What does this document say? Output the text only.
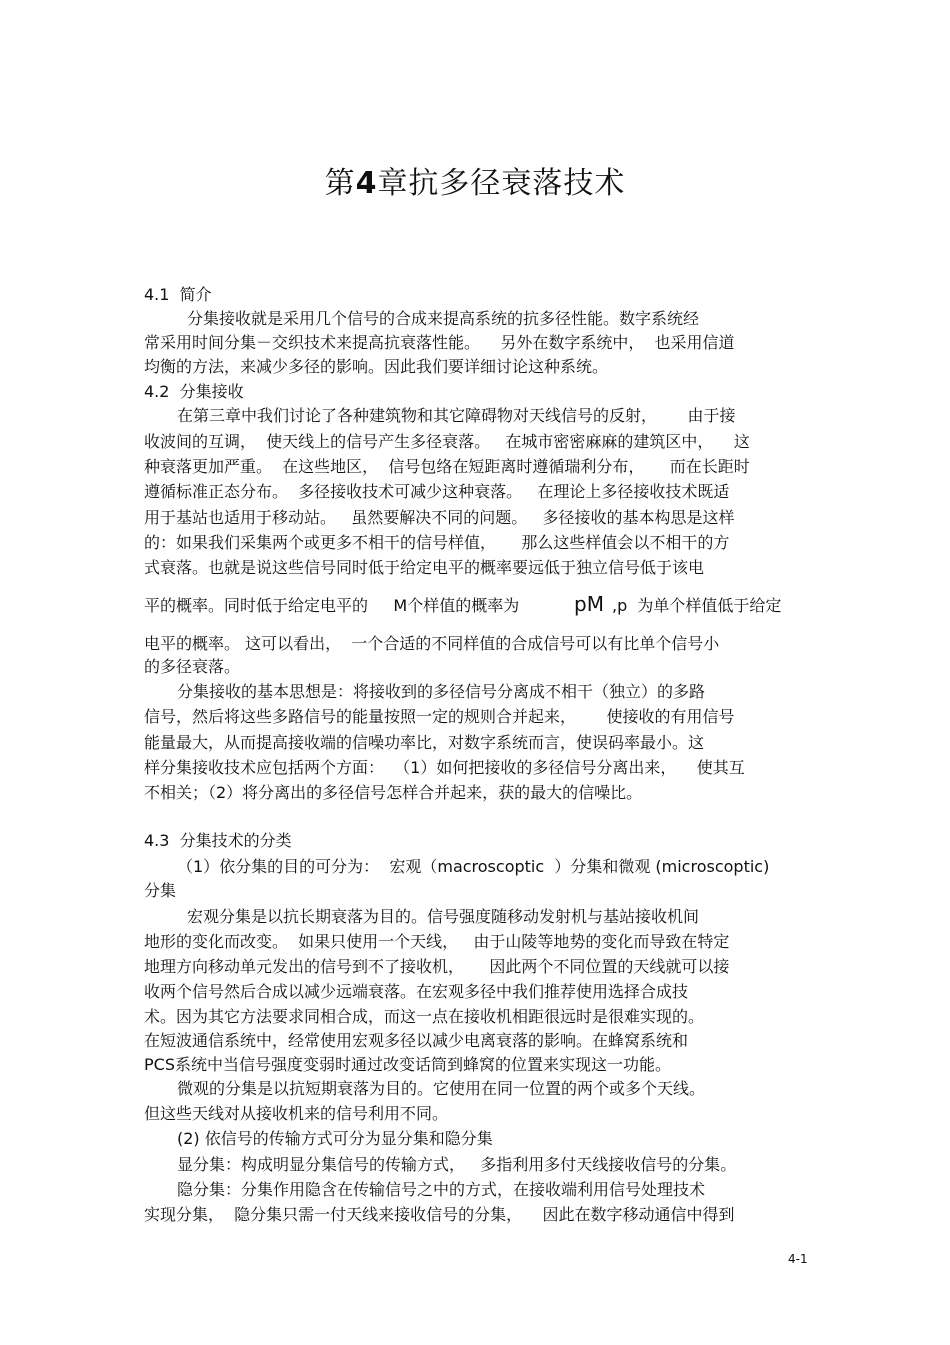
第4章抗多径衰落技术
4.1  简介
分集接收就是采用几个信号的合成来提高系统的抗多径性能。数字系统经
常采用时间分集－交织技术来提高抗衰落性能。    另外在数字系统中，  也采用信道
均衡的方法，来减少多径的影响。因此我们要详细讨论这种系统。
4.2  分集接收
在第三章中我们讨论了各种建筑物和其它障碍物对天线信号的反射，      由于接
收波间的互调，  使天线上的信号产生多径衰落。   在城市密密麻麻的建筑区中，    这
种衰落更加严重。  在这些地区，  信号包络在短距离时遵循瑞利分布，     而在长距时
遵循标准正态分布。  多径接收技术可减少这种衰落。   在理论上多径接收技术既适
用于基站也适用于移动站。   虽然要解决不同的问题。   多径接收的基本构思是这样
的：如果我们采集两个或更多不相干的信号样值，     那么这些样值会以不相干的方
式衰落。也就是说这些信号同时低于给定电平的概率要远低于独立信号低于该电
平的概率。同时低于给定电平的     M个样值的概率为	pM ,p  为单个样值低于给定
电平的概率。 这可以看出，  一个合适的不同样值的合成信号可以有比单个信号小
的多径衰落。
分集接收的基本思想是：将接收到的多径信号分离成不相干（独立）的多路
信号，然后将这些多路信号的能量按照一定的规则合并起来，      使接收的有用信号
能量最大，从而提高接收端的信噪功率比，对数字系统而言，使误码率最小。这
样分集接收技术应包括两个方面：  （1）如何把接收的多径信号分离出来，    使其互
不相关；（2）将分离出的多径信号怎样合并起来，获的最大的信噪比。
4.3  分集技术的分类
（1）依分集的目的可分为：  宏观（macroscoptic  ）分集和微观 (microscoptic)
分集
宏观分集是以抗长期衰落为目的。信号强度随移动发射机与基站接收机间
地形的变化而改变。  如果只使用一个天线，   由于山陵等地势的变化而导致在特定
地理方向移动单元发出的信号到不了接收机，     因此两个不同位置的天线就可以接
收两个信号然后合成以减少远端衰落。在宏观多径中我们推荐使用选择合成技
术。因为其它方法要求同相合成，而这一点在接收机相距很远时是很难实现的。
在短波通信系统中，经常使用宏观多径以减少电离衰落的影响。在蜂窝系统和
PCS系统中当信号强度变弱时通过改变话筒到蜂窝的位置来实现这一功能。
微观的分集是以抗短期衰落为目的。它使用在同一位置的两个或多个天线。
但这些天线对从接收机来的信号利用不同。
(2) 依信号的传输方式可分为显分集和隐分集
显分集：构成明显分集信号的传输方式，   多指利用多付天线接收信号的分集。
隐分集：分集作用隐含在传输信号之中的方式，在接收端利用信号处理技术
实现分集，  隐分集只需一付天线来接收信号的分集，    因此在数字移动通信中得到
4-1
